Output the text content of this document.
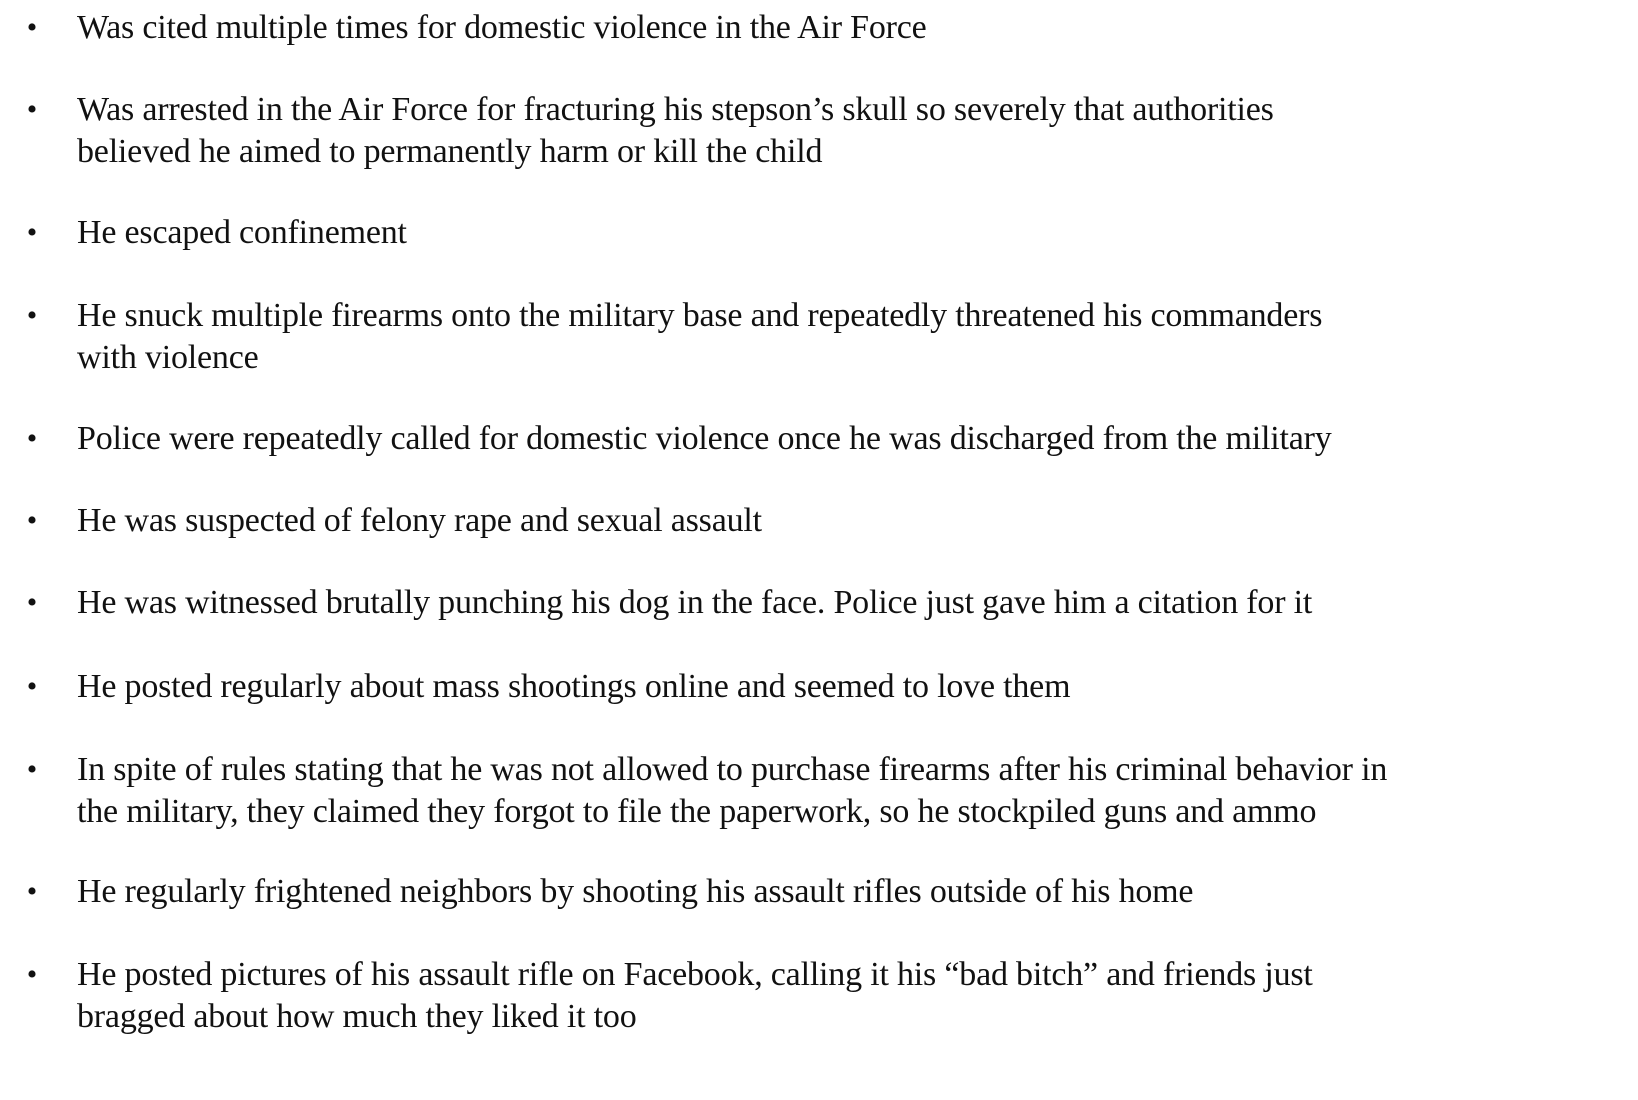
• Was cited multiple times for domestic violence in the Air Force
• Was arrested in the Air Force for fracturing his stepson’s skull so severely that authorities
believed he aimed to permanently harm or kill the child
• He escaped confinement
• He snuck multiple firearms onto the military base and repeatedly threatened his commanders
with violence
• Police were repeatedly called for domestic violence once he was discharged from the military
• He was suspected of felony rape and sexual assault
• He was witnessed brutally punching his dog in the face. Police just gave him a citation for it
• He posted regularly about mass shootings online and seemed to love them
• In spite of rules stating that he was not allowed to purchase firearms after his criminal behavior in
the military, they claimed they forgot to file the paperwork, so he stockpiled guns and ammo
• He regularly frightened neighbors by shooting his assault rifles outside of his home
• He posted pictures of his assault rifle on Facebook, calling it his “bad bitch” and friends just
bragged about how much they liked it too
